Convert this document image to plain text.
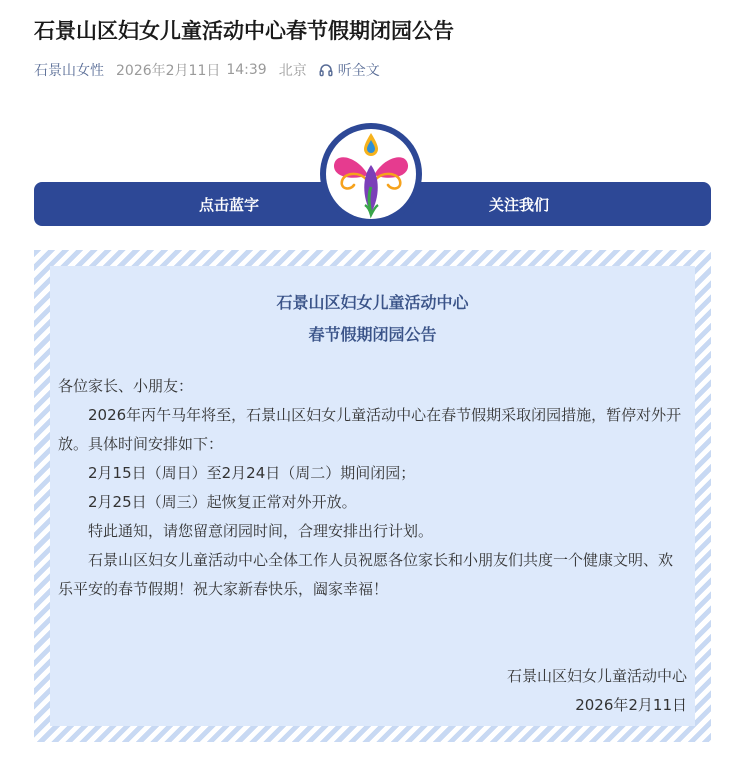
石景山区妇女儿童活动中心春节假期闭园公告
石景山女性 2026年2月11日 14:39 北京 听全文
点击蓝字	关注我们
石景山区妇女儿童活动中心
春节假期闭园公告

各位家长、小朋友：

2026年丙午马年将至，石景山区妇女儿童活动中心在春节假期采取闭园措施，暂停对外开放。具体时间安排如下：

2月15日（周日）至2月24日（周二）期间闭园；

2月25日（周三）起恢复正常对外开放。

特此通知，请您留意闭园时间，合理安排出行计划。

石景山区妇女儿童活动中心全体工作人员祝愿各位家长和小朋友们共度一个健康文明、欢乐平安的春节假期！祝大家新春快乐，阖家幸福！

石景山区妇女儿童活动中心

2026年2月11日
